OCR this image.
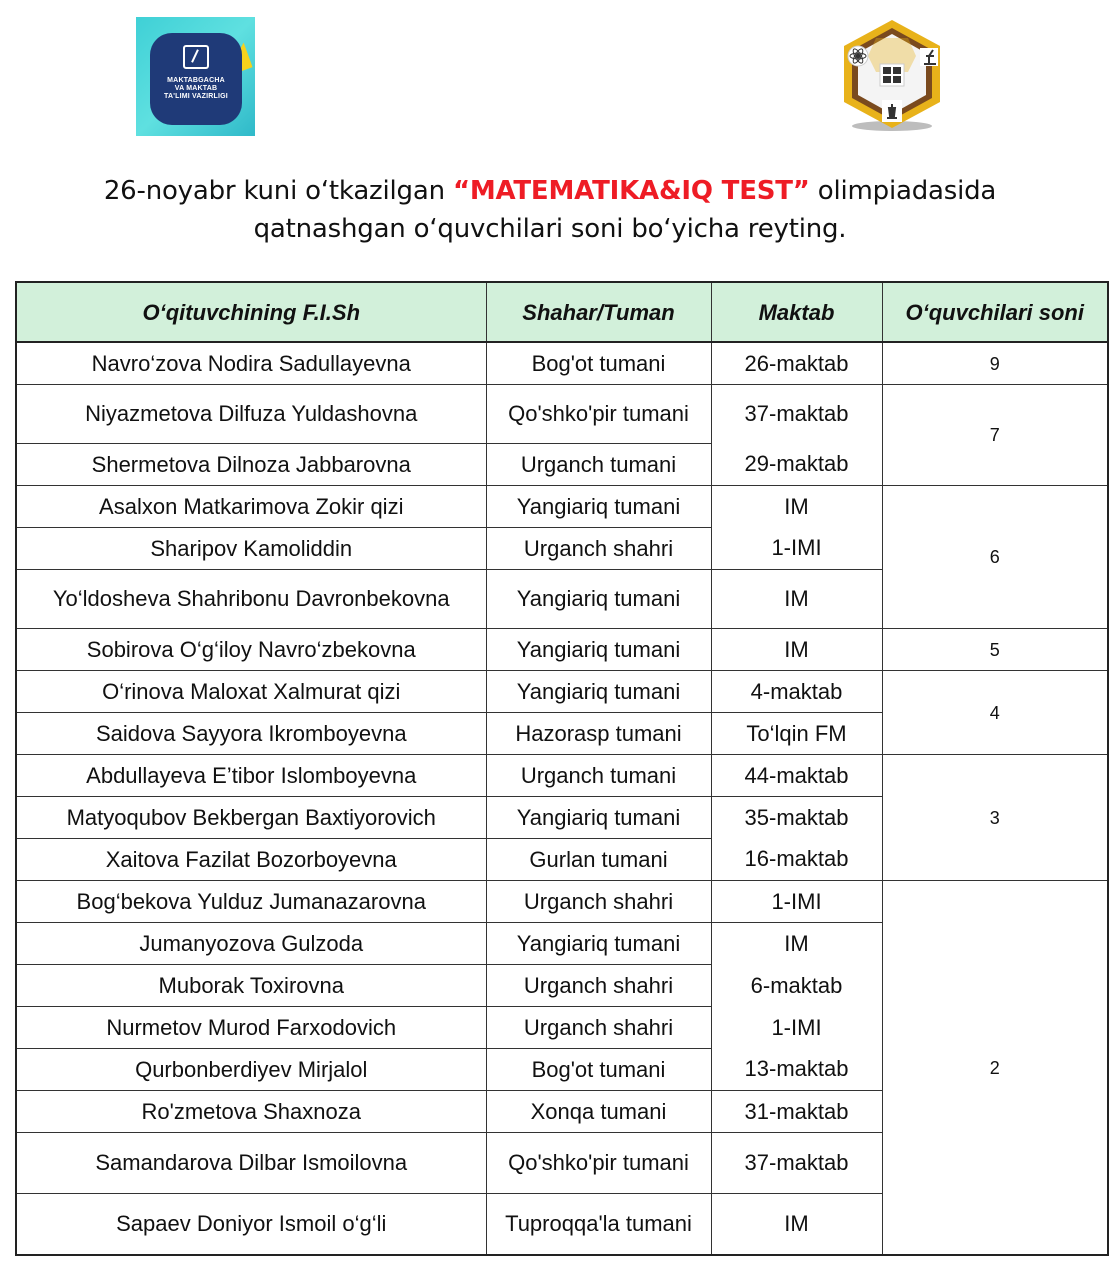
MAKTABGACHA
VA MAKTAB
TA'LIMI VAZIRLIGI
26-noyabr kuni o‘tkazilgan “MATEMATIKA&IQ TEST” olimpiadasida
qatnashgan o‘quvchilari soni bo‘yicha reyting.
O‘qituvchining F.I.Sh	Shahar/Tuman	Maktab	O‘quvchilari soni
Navro‘zova Nodira Sadullayevna	Bog'ot tumani	26-maktab	9
Niyazmetova Dilfuza Yuldashovna	Qo'shko'pir tumani	37-maktab	7
Shermetova Dilnoza Jabbarovna	Urganch tumani	29-maktab	
Asalxon Matkarimova Zokir qizi	Yangiariq tumani	IM	6
Sharipov Kamoliddin	Urganch shahri	1-IMI	
Yo‘ldosheva Shahribonu Davronbekovna	Yangiariq tumani	IM	
Sobirova O‘g‘iloy Navro‘zbekovna	Yangiariq tumani	IM	5
O‘rinova Maloxat Xalmurat qizi	Yangiariq tumani	4-maktab	4
Saidova Sayyora Ikromboyevna	Hazorasp tumani	To‘lqin FM	
Abdullayeva E’tibor Islomboyevna	Urganch tumani	44-maktab	3
Matyoqubov Bekbergan Baxtiyorovich	Yangiariq tumani	35-maktab	
Xaitova Fazilat Bozorboyevna	Gurlan tumani	16-maktab	
Bog‘bekova Yulduz Jumanazarovna	Urganch shahri	1-IMI	2
Jumanyozova Gulzoda	Yangiariq tumani	IM	
Muborak Toxirovna	Urganch shahri	6-maktab	
Nurmetov Murod Farxodovich	Urganch shahri	1-IMI	
Qurbonberdiyev Mirjalol	Bog'ot tumani	13-maktab	
Ro'zmetova Shaxnoza	Xonqa tumani	31-maktab	
Samandarova Dilbar Ismoilovna	Qo'shko'pir tumani	37-maktab	
Sapaev Doniyor Ismoil o‘g‘li	Tuproqqa'la tumani	IM	
